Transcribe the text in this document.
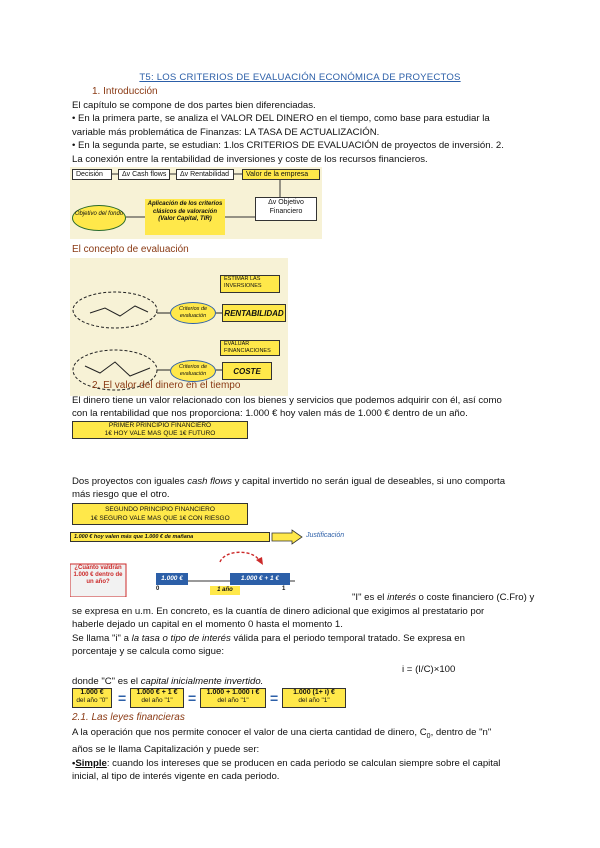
T5: LOS CRITERIOS DE EVALUACIÓN ECONÓMICA DE PROYECTOS
1. Introducción
El capítulo se compone de dos partes bien diferenciadas.
• En la primera parte, se analiza el VALOR DEL DINERO en el tiempo, como base para estudiar la
variable más problemática de Finanzas: LA TASA DE ACTUALIZACIÓN.
• En la segunda parte, se estudian: 1.los CRITERIOS DE EVALUACIÓN de proyectos de inversión. 2.
La conexión entre la rentabilidad de inversiones y coste de los recursos financieros.
Decisión	Δv Cash flows	Δv Rentabilidad	Valor de la empresa
Objetivo del fondo
Aplicación de los criterios clásicos de valoración (Valor Capital, TIR)
Δv Objetivo Financiero
El concepto de evaluación
ESTIMAR LAS INVERSIONES
Criterios de evaluación	RENTABILIDAD
EVALUAR FINANCIACIONES
Criterios de evaluación	COSTE
2. El valor del dinero en el tiempo
El dinero tiene un valor relacionado con los bienes y servicios que podemos adquirir con él, así como
con la rentabilidad que nos proporciona: 1.000 € hoy valen más de 1.000 € dentro de un año.
PRIMER PRINCIPIO FINANCIERO
1€ HOY VALE MAS QUE 1€ FUTURO
Dos proyectos con iguales cash flows y capital invertido no serán igual de deseables, si uno comporta
más riesgo que el otro.
SEGUNDO PRINCIPIO FINANCIERO
1€ SEGURO VALE MAS QUE 1€ CON RIESGO
1.000 € hoy valen más que 1.000 € de mañana	Justificación
¿Cuánto valdrán 1.000 € dentro de un año?	1.000 €	1.000 € + 1 €
0	1
1 año
"I" es el interés o coste financiero (C.Fro) y
se expresa en u.m. En concreto, es la cuantía de dinero adicional que exigimos al prestatario por
haberle dejado un capital en el momento 0 hasta el momento 1.
Se llama "i" a la tasa o tipo de interés válida para el periodo temporal tratado. Se expresa en
porcentaje y se calcula como sigue:
i = (I/C)×100
donde "C" es el capital inicialmente invertido.
1.000 €
del año "0" =	1.000 € + 1 €
del año "1"	=	1.000 + 1.000 i €
del año "1"	=	1.000 (1+ i) €
del año "1"
2.1. Las leyes financieras
A la operación que nos permite conocer el valor de una cierta cantidad de dinero, $C_0$, dentro de "n"
años se le llama Capitalización y puede ser:
•Simple: cuando los intereses que se producen en cada periodo se calculan siempre sobre el capital
inicial, al tipo de interés vigente en cada periodo.
